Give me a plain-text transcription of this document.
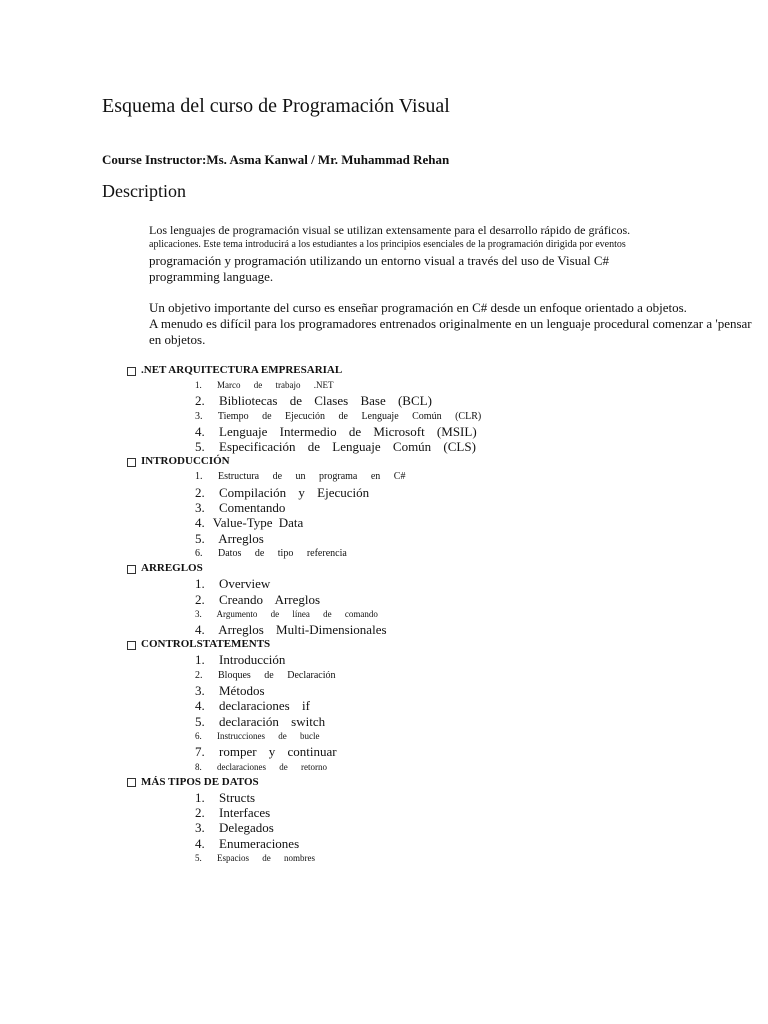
Esquema del curso de Programación Visual
Course Instructor:Ms. Asma Kanwal / Mr. Muhammad Rehan
Description
Los lenguajes de programación visual se utilizan extensamente para el desarrollo rápido de gráficos.
aplicaciones. Este tema introducirá a los estudiantes a los principios esenciales de la programación dirigida por eventos
programación y programación utilizando un entorno visual a través del uso de Visual C#
programming language.
Un objetivo importante del curso es enseñar programación en C# desde un enfoque orientado a objetos.
A menudo es difícil para los programadores entrenados originalmente en un lenguaje procedural comenzar a 'pensar
en objetos.
.NET ARQUITECTURA EMPRESARIAL
1. Marco de trabajo .NET
2. Bibliotecas de Clases Base (BCL)
3. Tiempo de Ejecución de Lenguaje Común (CLR)
4. Lenguaje Intermedio de Microsoft (MSIL)
5. Especificación de Lenguaje Común (CLS)
INTRODUCCIÓN
1. Estructura de un programa en C#
2. Compilación y Ejecución
3. Comentando
4. Value-Type Data
5. Arreglos
6. Datos de tipo referencia
ARREGLOS
1. Overview
2. Creando Arreglos
3. Argumento de línea de comando
4. Arreglos Multi-Dimensionales
CONTROLSTATEMENTS
1. Introducción
2. Bloques de Declaración
3. Métodos
4. declaraciones if
5. declaración switch
6. Instrucciones de bucle
7. romper y continuar
8. declaraciones de retorno
MÁS TIPOS DE DATOS
1. Structs
2. Interfaces
3. Delegados
4. Enumeraciones
5. Espacios de nombres
